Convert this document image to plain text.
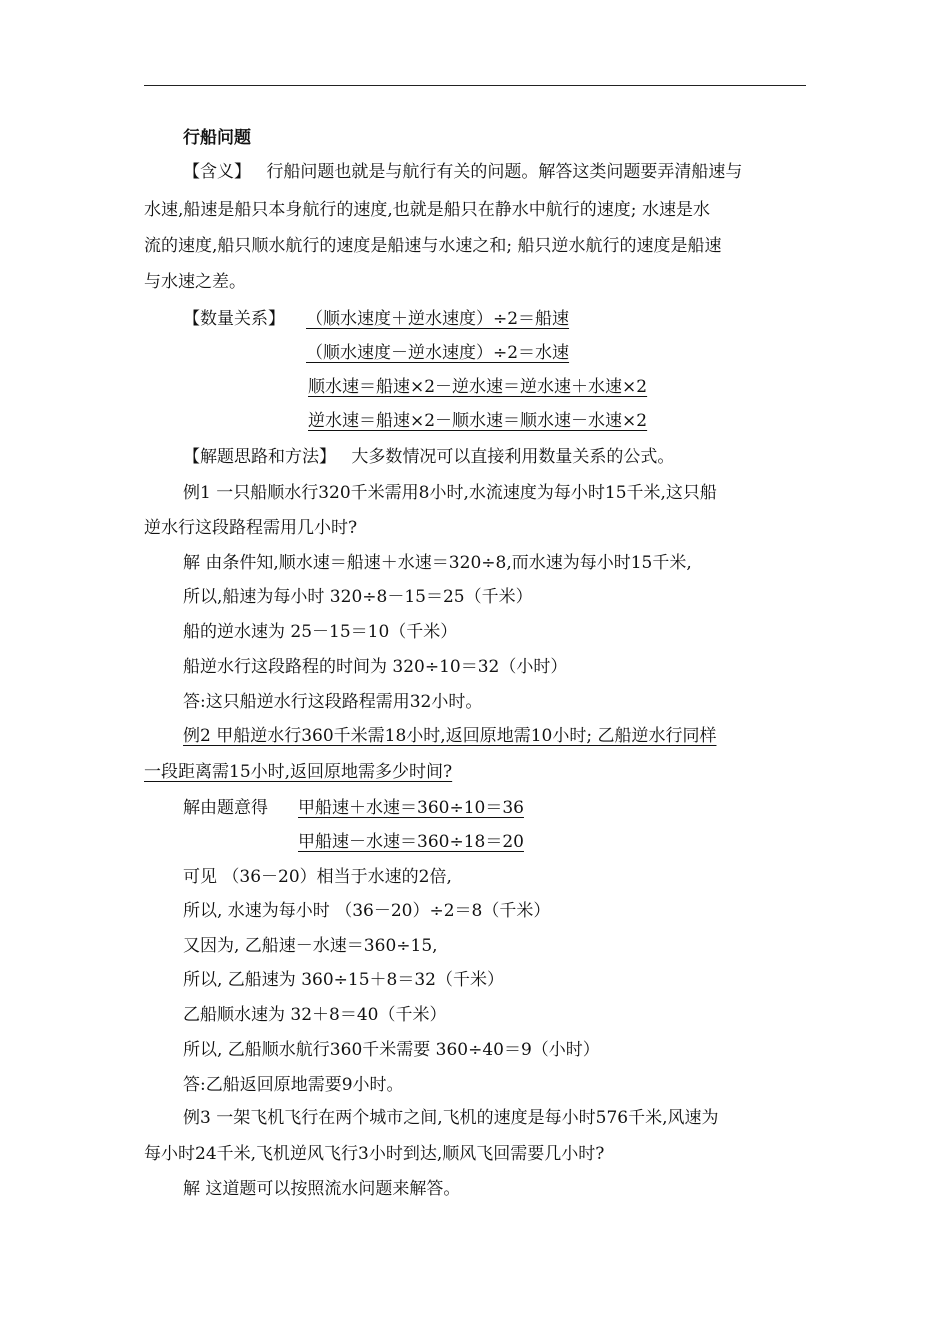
行船问题
【含义】 行船问题也就是与航行有关的问题。解答这类问题要弄清船速与
水速,船速是船只本身航行的速度,也就是船只在静水中航行的速度; 水速是水
流的速度,船只顺水航行的速度是船速与水速之和; 船只逆水航行的速度是船速
与水速之差。
【数量关系】 （顺水速度＋逆水速度）÷2＝船速
（顺水速度－逆水速度）÷2＝水速
顺水速＝船速×2－逆水速＝逆水速＋水速×2
逆水速＝船速×2－顺水速＝顺水速－水速×2
【解题思路和方法】 大多数情况可以直接利用数量关系的公式。
例1 一只船顺水行320千米需用8小时,水流速度为每小时15千米,这只船
逆水行这段路程需用几小时?
解 由条件知,顺水速＝船速＋水速＝320÷8,而水速为每小时15千米,
所以,船速为每小时 320÷8－15＝25（千米）
船的逆水速为 25－15＝10（千米）
船逆水行这段路程的时间为 320÷10＝32（小时）
答:这只船逆水行这段路程需用32小时。
例2 甲船逆水行360千米需18小时,返回原地需10小时; 乙船逆水行同样
一段距离需15小时,返回原地需多少时间?
解由题意得 甲船速＋水速＝360÷10＝36
甲船速－水速＝360÷18＝20
可见 （36－20）相当于水速的2倍,
所以, 水速为每小时 （36－20）÷2＝8（千米）
又因为, 乙船速－水速＝360÷15,
所以, 乙船速为 360÷15＋8＝32（千米）
乙船顺水速为 32＋8＝40（千米）
所以, 乙船顺水航行360千米需要 360÷40＝9（小时）
答:乙船返回原地需要9小时。
例3 一架飞机飞行在两个城市之间,飞机的速度是每小时576千米,风速为
每小时24千米,飞机逆风飞行3小时到达,顺风飞回需要几小时?
解 这道题可以按照流水问题来解答。
